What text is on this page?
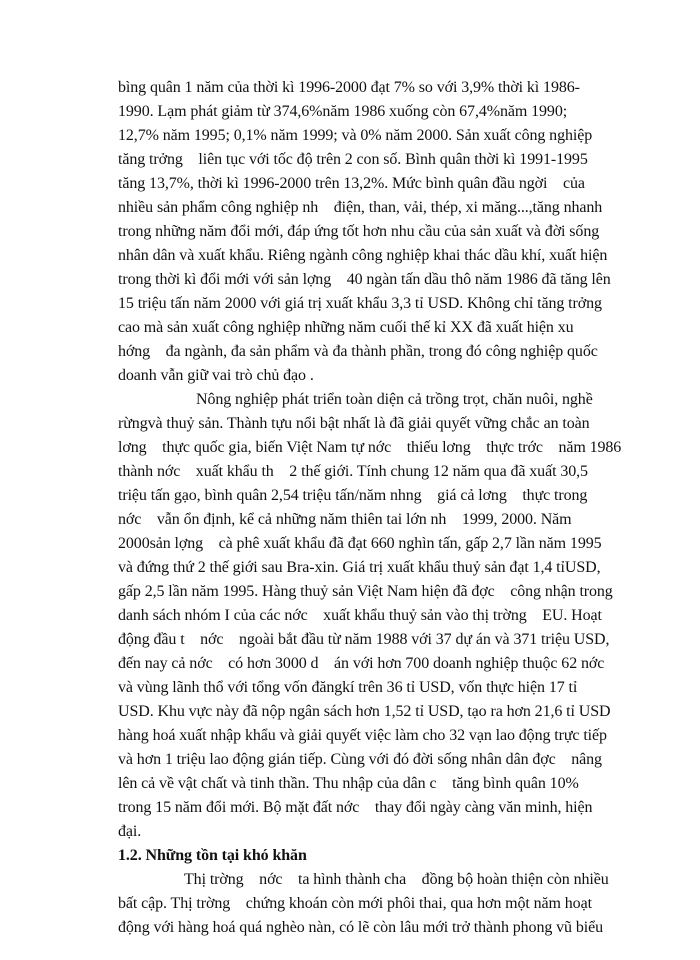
bìng quân 1 năm của thời kì 1996-2000 đạt 7% so với 3,9% thời kì 1986-
1990. Lạm phát giảm từ 374,6%năm 1986 xuống còn 67,4%năm 1990;
12,7% năm 1995; 0,1% năm 1999; và 0% năm 2000. Sản xuất công nghiệp
tăng trởng    liên tục với tốc độ trên 2 con số. Bình quân thời kì 1991-1995
tăng 13,7%, thời kì 1996-2000 trên 13,2%. Mức bình quân đầu ngời    của
nhiều sản phẩm công nghiệp nh    điện, than, vải, thép, xi măng...,tăng nhanh
trong những năm đổi mới, đáp ứng tốt hơn nhu cầu của sản xuất và đời sống
nhân dân và xuất khẩu. Riêng ngành công nghiệp khai thác dầu khí, xuất hiện
trong thời kì đổi mới với sản lợng    40 ngàn tấn dầu thô năm 1986 đã tăng lên
15 triệu tấn năm 2000 với giá trị xuất khẩu 3,3 tỉ USD. Không chỉ tăng trởng
cao mà sản xuất công nghiệp những năm cuối thế kỉ XX đã xuất hiện xu
hớng    đa ngành, đa sản phẩm và đa thành phần, trong đó công nghiệp quốc
doanh vẫn giữ vai trò chủ đạo .
Nông nghiệp phát triển toàn diện cả trồng trọt, chăn nuôi, nghề
rừngvà thuỷ sản. Thành tựu nổi bật nhất là đã giải quyết vững chắc an toàn
lơng    thực quốc gia, biến Việt Nam tự nớc    thiếu lơng    thực trớc    năm 1986
thành nớc    xuất khẩu th    2 thế giới. Tính chung 12 năm qua đã xuất 30,5
triệu tấn gạo, bình quân 2,54 triệu tấn/năm nhng    giá cả lơng    thực trong
nớc    vẫn ổn định, kể cả những năm thiên tai lớn nh    1999, 2000. Năm
2000sản lợng    cà phê xuất khẩu đã đạt 660 nghìn tấn, gấp 2,7 lần năm 1995
và đứng thứ 2 thế giới sau Bra-xin. Giá trị xuất khẩu thuỷ sản đạt 1,4 tỉUSD,
gấp 2,5 lần năm 1995. Hàng thuỷ sản Việt Nam hiện đã đợc    công nhận trong
danh sách nhóm I của các nớc    xuất khẩu thuỷ sản vào thị trờng    EU. Hoạt
động đầu t    nớc    ngoài bắt đầu từ năm 1988 với 37 dự án và 371 triệu USD,
đến nay cả nớc    có hơn 3000 d    án với hơn 700 doanh nghiệp thuộc 62 nớc
và vùng lãnh thổ với tổng vốn đăngkí trên 36 tỉ USD, vốn thực hiện 17 tỉ
USD. Khu vực này đã nộp ngân sách hơn 1,52 tỉ USD, tạo ra hơn 21,6 tỉ USD
hàng hoá xuất nhập khẩu và giải quyết việc làm cho 32 vạn lao động trực tiếp
và hơn 1 triệu lao động gián tiếp. Cùng với đó đời sống nhân dân đợc    nâng
lên cả về vật chất và tinh thần. Thu nhập của dân c    tăng bình quân 10%
trong 15 năm đổi mới. Bộ mặt đất nớc    thay đổi ngày càng văn minh, hiện
đại.
1.2. Những tồn tại khó khăn
Thị trờng    nớc    ta hình thành cha    đồng bộ hoàn thiện còn nhiều
bất cập. Thị trờng    chứng khoán còn mới phôi thai, qua hơn một năm hoạt
động với hàng hoá quá nghèo nàn, có lẽ còn lâu mới trở thành phong vũ biểu
